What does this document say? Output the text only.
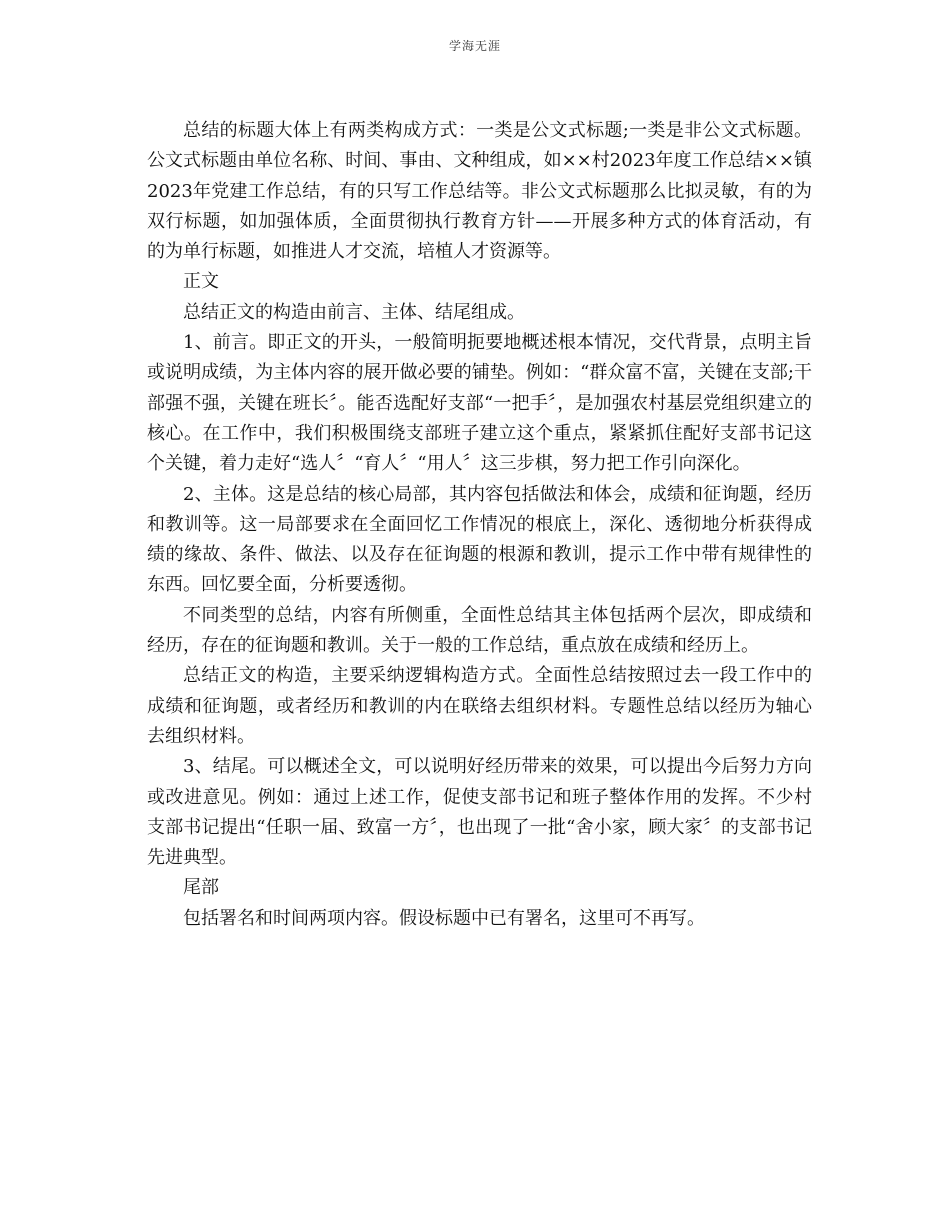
学海无涯

总结的标题大体上有两类构成方式：一类是公文式标题;一类是非公文式标题。公文式标题由单位名称、时间、事由、文种组成，如××村2023年度工作总结××镇2023年党建工作总结，有的只写工作总结等。非公文式标题那么比拟灵敏，有的为双行标题，如加强体质，全面贯彻执行教育方针——开展多种方式的体育活动，有的为单行标题，如推进人才交流，培植人才资源等。

正文

总结正文的构造由前言、主体、结尾组成。

1、前言。即正文的开头，一般简明扼要地概述根本情况，交代背景，点明主旨或说明成绩，为主体内容的展开做必要的铺垫。例如：“群众富不富，关键在支部;干部强不强，关键在班长〞。能否选配好支部“一把手〞，是加强农村基层党组织建立的核心。在工作中，我们积极围绕支部班子建立这个重点，紧紧抓住配好支部书记这个关键，着力走好“选人〞“育人〞“用人〞这三步棋，努力把工作引向深化。

2、主体。这是总结的核心局部，其内容包括做法和体会，成绩和征询题，经历和教训等。这一局部要求在全面回忆工作情况的根底上，深化、透彻地分析获得成绩的缘故、条件、做法、以及存在征询题的根源和教训，提示工作中带有规律性的东西。回忆要全面，分析要透彻。

不同类型的总结，内容有所侧重，全面性总结其主体包括两个层次，即成绩和经历，存在的征询题和教训。关于一般的工作总结，重点放在成绩和经历上。

总结正文的构造，主要采纳逻辑构造方式。全面性总结按照过去一段工作中的成绩和征询题，或者经历和教训的内在联络去组织材料。专题性总结以经历为轴心去组织材料。

3、结尾。可以概述全文，可以说明好经历带来的效果，可以提出今后努力方向或改进意见。例如：通过上述工作，促使支部书记和班子整体作用的发挥。不少村支部书记提出“任职一届、致富一方〞，也出现了一批“舍小家，顾大家〞的支部书记先进典型。

尾部

包括署名和时间两项内容。假设标题中已有署名，这里可不再写。
